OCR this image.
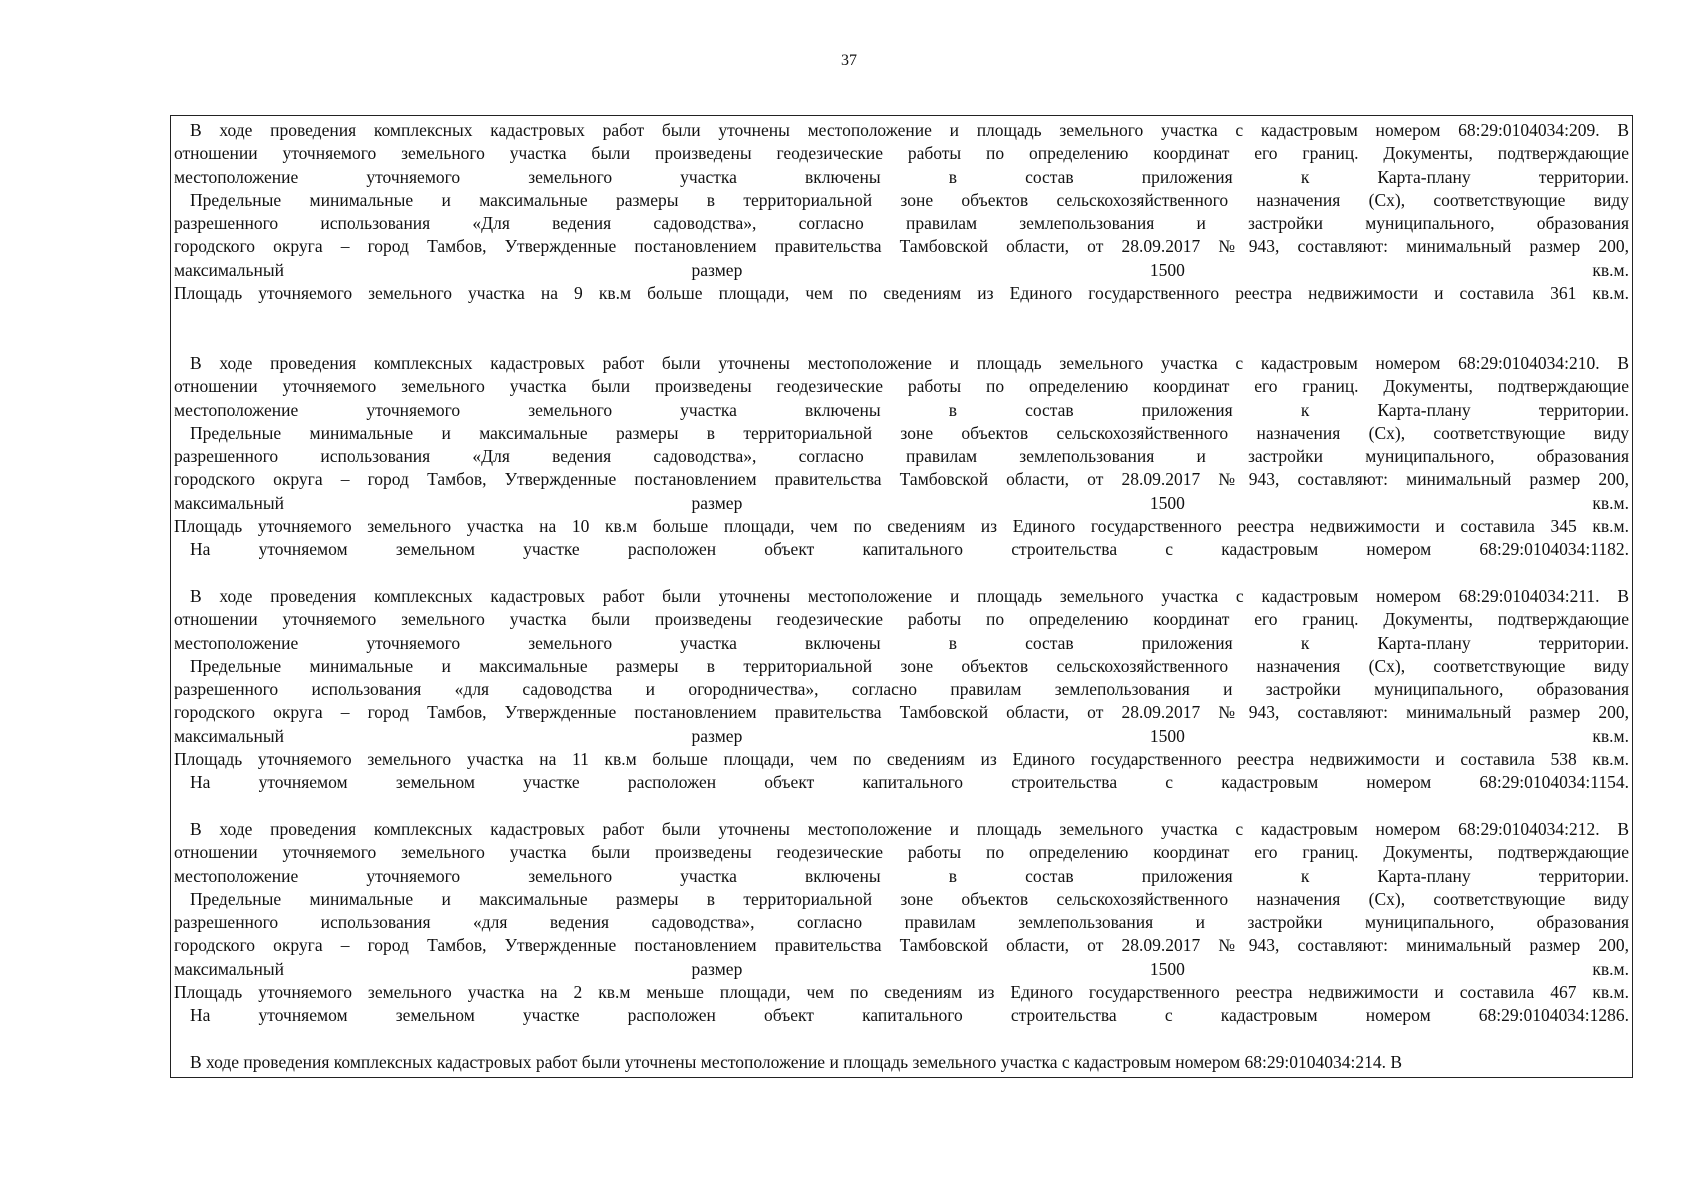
37
В ходе проведения комплексных кадастровых работ были уточнены местоположение и площадь земельного участка с кадастровым номером 68:29:0104034:209. В
отношении уточняемого земельного участка были произведены геодезические работы по определению координат его границ. Документы, подтверждающие
местоположение уточняемого земельного участка включены в состав приложения к Карта-плану территории.
Предельные минимальные и максимальные размеры в территориальной зоне объектов сельскохозяйственного назначения (Сх), соответствующие виду
разрешенного использования «Для ведения садоводства», согласно правилам землепользования и застройки муниципального, образования
городского округа – город Тамбов, Утвержденные постановлением правительства Тамбовской области, от 28.09.2017 №943, составляют: минимальный размер 200,
максимальный размер 1500 кв.м.
Площадь уточняемого земельного участка на 9 кв.м больше площади, чем по сведениям из Единого государственного реестра недвижимости и составила 361 кв.м.
В ходе проведения комплексных кадастровых работ были уточнены местоположение и площадь земельного участка с кадастровым номером 68:29:0104034:210. В
отношении уточняемого земельного участка были произведены геодезические работы по определению координат его границ. Документы, подтверждающие
местоположение уточняемого земельного участка включены в состав приложения к Карта-плану территории.
Предельные минимальные и максимальные размеры в территориальной зоне объектов сельскохозяйственного назначения (Сх), соответствующие виду
разрешенного использования «Для ведения садоводства», согласно правилам землепользования и застройки муниципального, образования
городского округа – город Тамбов, Утвержденные постановлением правительства Тамбовской области, от 28.09.2017 №943, составляют: минимальный размер 200,
максимальный размер 1500 кв.м.
Площадь уточняемого земельного участка на 10 кв.м больше площади, чем по сведениям из Единого государственного реестра недвижимости и составила 345 кв.м.
На уточняемом земельном участке расположен объект капитального строительства с кадастровым номером 68:29:0104034:1182.
В ходе проведения комплексных кадастровых работ были уточнены местоположение и площадь земельного участка с кадастровым номером 68:29:0104034:211. В
отношении уточняемого земельного участка были произведены геодезические работы по определению координат его границ. Документы, подтверждающие
местоположение уточняемого земельного участка включены в состав приложения к Карта-плану территории.
Предельные минимальные и максимальные размеры в территориальной зоне объектов сельскохозяйственного назначения (Сх), соответствующие виду
разрешенного использования «для садоводства и огородничества», согласно правилам землепользования и застройки муниципального, образования
городского округа – город Тамбов, Утвержденные постановлением правительства Тамбовской области, от 28.09.2017 №943, составляют: минимальный размер 200,
максимальный размер 1500 кв.м.
Площадь уточняемого земельного участка на 11 кв.м больше площади, чем по сведениям из Единого государственного реестра недвижимости и составила 538 кв.м.
На уточняемом земельном участке расположен объект капитального строительства с кадастровым номером 68:29:0104034:1154.
В ходе проведения комплексных кадастровых работ были уточнены местоположение и площадь земельного участка с кадастровым номером 68:29:0104034:212. В
отношении уточняемого земельного участка были произведены геодезические работы по определению координат его границ. Документы, подтверждающие
местоположение уточняемого земельного участка включены в состав приложения к Карта-плану территории.
Предельные минимальные и максимальные размеры в территориальной зоне объектов сельскохозяйственного назначения (Сх), соответствующие виду
разрешенного использования «для ведения садоводства», согласно правилам землепользования и застройки муниципального, образования
городского округа – город Тамбов, Утвержденные постановлением правительства Тамбовской области, от 28.09.2017 №943, составляют: минимальный размер 200,
максимальный размер 1500 кв.м.
Площадь уточняемого земельного участка на 2 кв.м меньше площади, чем по сведениям из Единого государственного реестра недвижимости и составила 467 кв.м.
На уточняемом земельном участке расположен объект капитального строительства с кадастровым номером 68:29:0104034:1286.
В ходе проведения комплексных кадастровых работ были уточнены местоположение и площадь земельного участка с кадастровым номером 68:29:0104034:214. В
